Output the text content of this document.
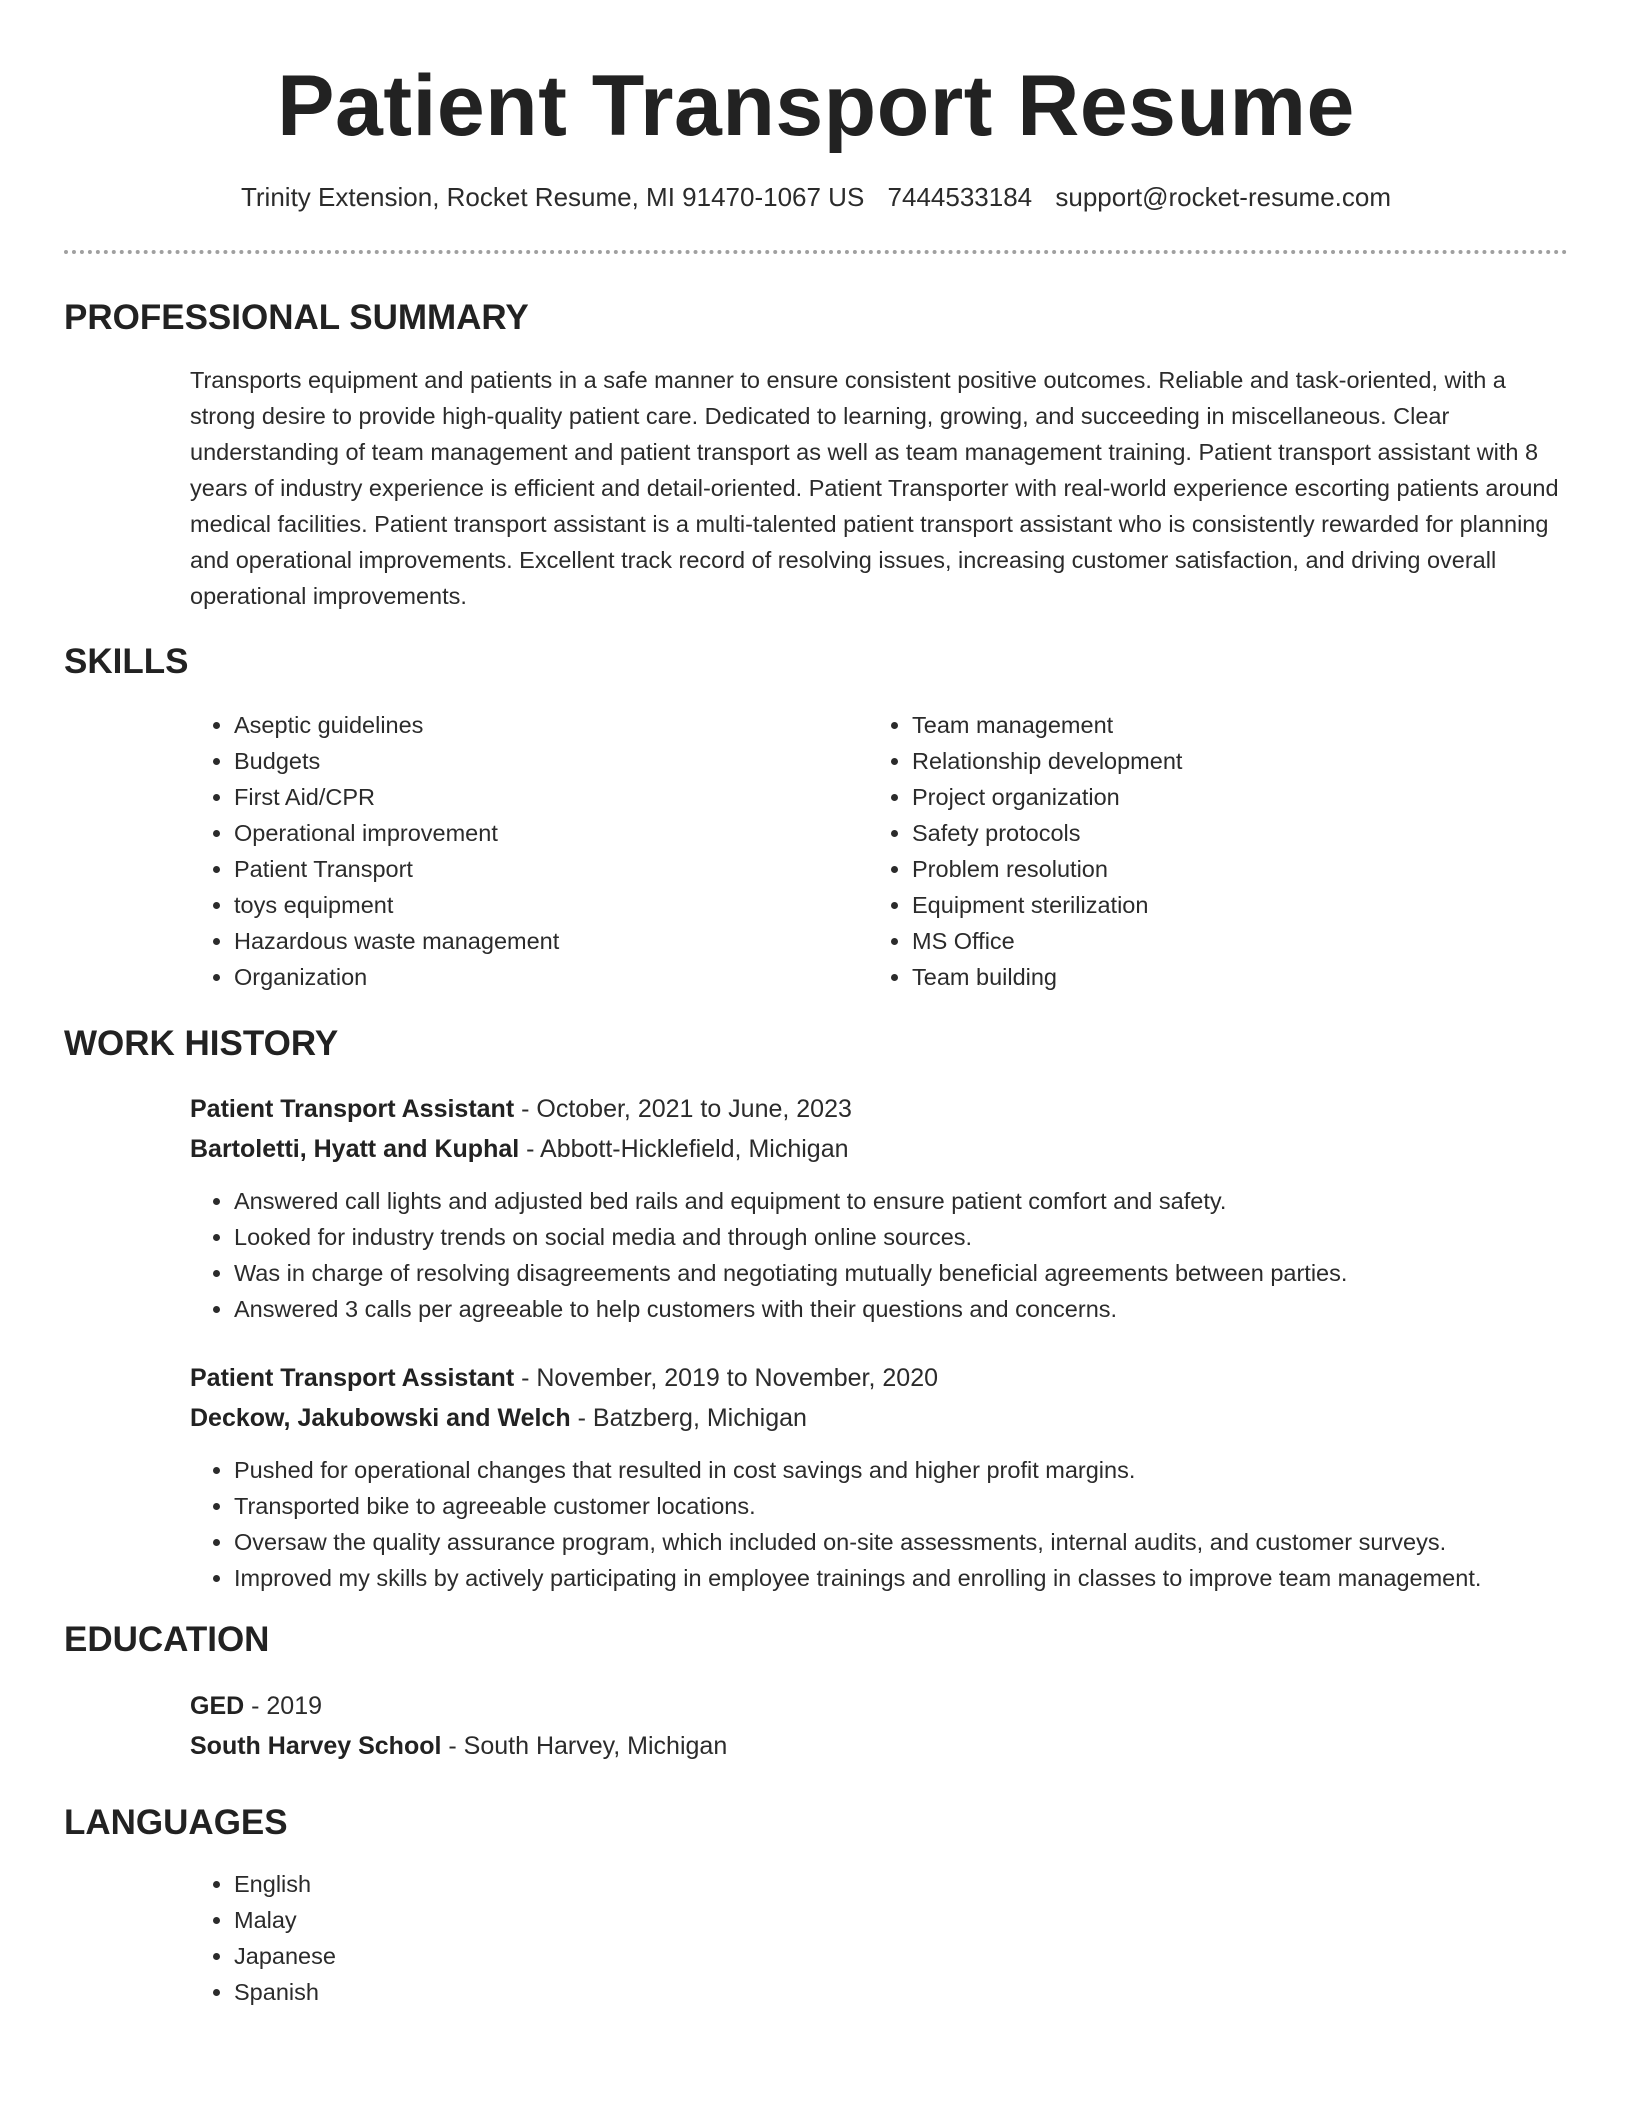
Patient Transport Resume
Trinity Extension, Rocket Resume, MI 91470-1067 US 7444533184 support@rocket-resume.com
PROFESSIONAL SUMMARY

Transports equipment and patients in a safe manner to ensure consistent positive outcomes. Reliable and task-oriented, with a strong desire to provide high-quality patient care. Dedicated to learning, growing, and succeeding in miscellaneous. Clear understanding of team management and patient transport as well as team management training. Patient transport assistant with 8 years of industry experience is efficient and detail-oriented. Patient Transporter with real-world experience escorting patients around medical facilities. Patient transport assistant is a multi-talented patient transport assistant who is consistently rewarded for planning and operational improvements. Excellent track record of resolving issues, increasing customer satisfaction, and driving overall operational improvements.

SKILLS
• Aseptic guidelines
• Budgets
• First Aid/CPR
• Operational improvement
• Patient Transport
• toys equipment
• Hazardous waste management
• Organization
• Team management
• Relationship development
• Project organization
• Safety protocols
• Problem resolution
• Equipment sterilization
• MS Office
• Team building
WORK HISTORY
Patient Transport Assistant - October, 2021 to June, 2023
Bartoletti, Hyatt and Kuphal - Abbott-Hicklefield, Michigan
• Answered call lights and adjusted bed rails and equipment to ensure patient comfort and safety.
• Looked for industry trends on social media and through online sources.
• Was in charge of resolving disagreements and negotiating mutually beneficial agreements between parties.
• Answered 3 calls per agreeable to help customers with their questions and concerns.
Patient Transport Assistant - November, 2019 to November, 2020
Deckow, Jakubowski and Welch - Batzberg, Michigan
• Pushed for operational changes that resulted in cost savings and higher profit margins.
• Transported bike to agreeable customer locations.
• Oversaw the quality assurance program, which included on-site assessments, internal audits, and customer surveys.
• Improved my skills by actively participating in employee trainings and enrolling in classes to improve team management.
EDUCATION
GED - 2019
South Harvey School - South Harvey, Michigan
LANGUAGES
• English
• Malay
• Japanese
• Spanish
